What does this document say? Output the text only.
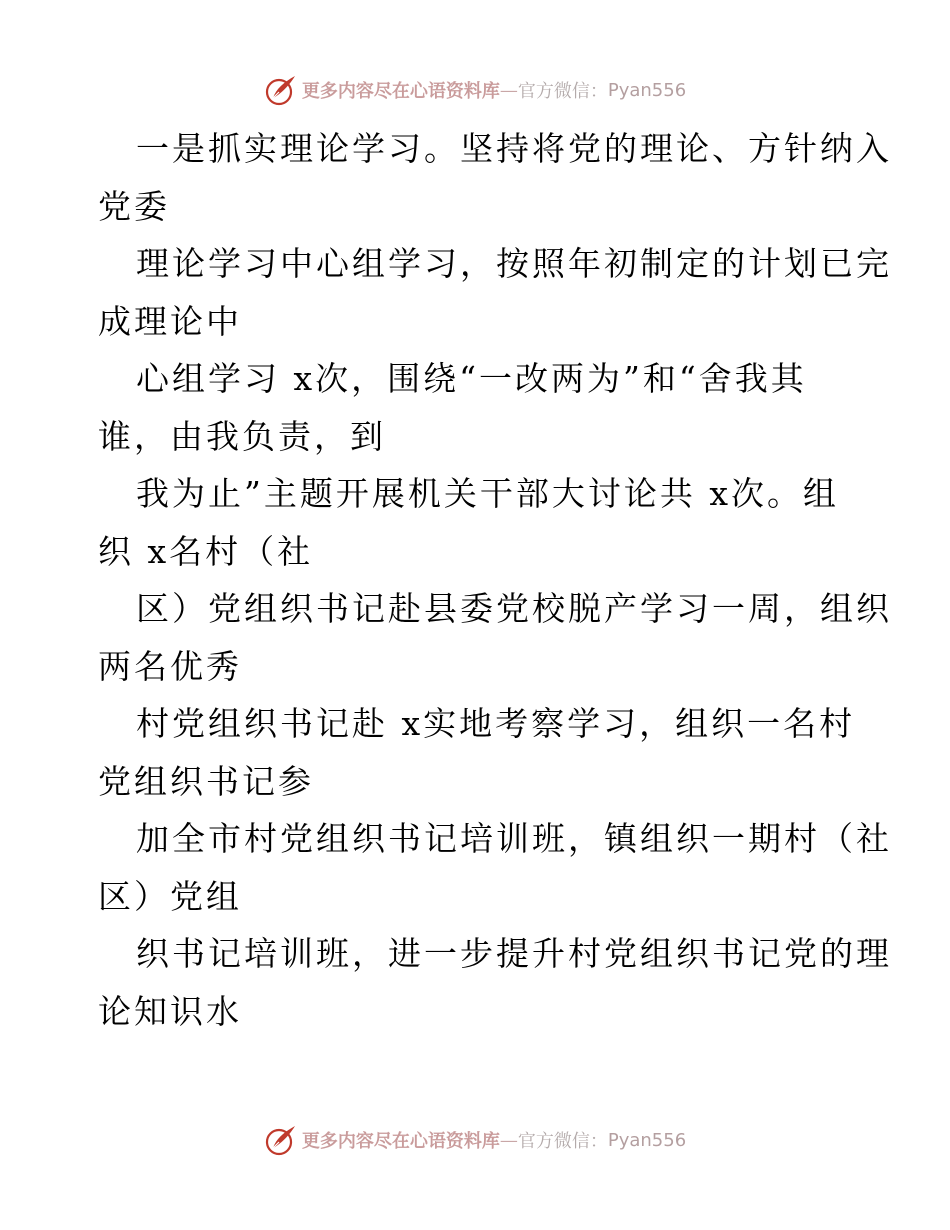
更多内容尽在心语资料库 — 官方微信： Pyan556
一是抓实理论学习。坚持将党的理论、方针纳入
党委
理论学习中心组学习，按照年初制定的计划已完
成理论中
心组学习 x次，围绕“一改两为”和“舍我其
谁，由我负责，到
我为止”主题开展机关干部大讨论共 x次。组
织 x名村（社
区）党组织书记赴县委党校脱产学习一周，组织
两名优秀
村党组织书记赴 x实地考察学习，组织一名村
党组织书记参
加全市村党组织书记培训班，镇组织一期村（社
区）党组
织书记培训班，进一步提升村党组织书记党的理
论知识水
更多内容尽在心语资料库 — 官方微信： Pyan556
